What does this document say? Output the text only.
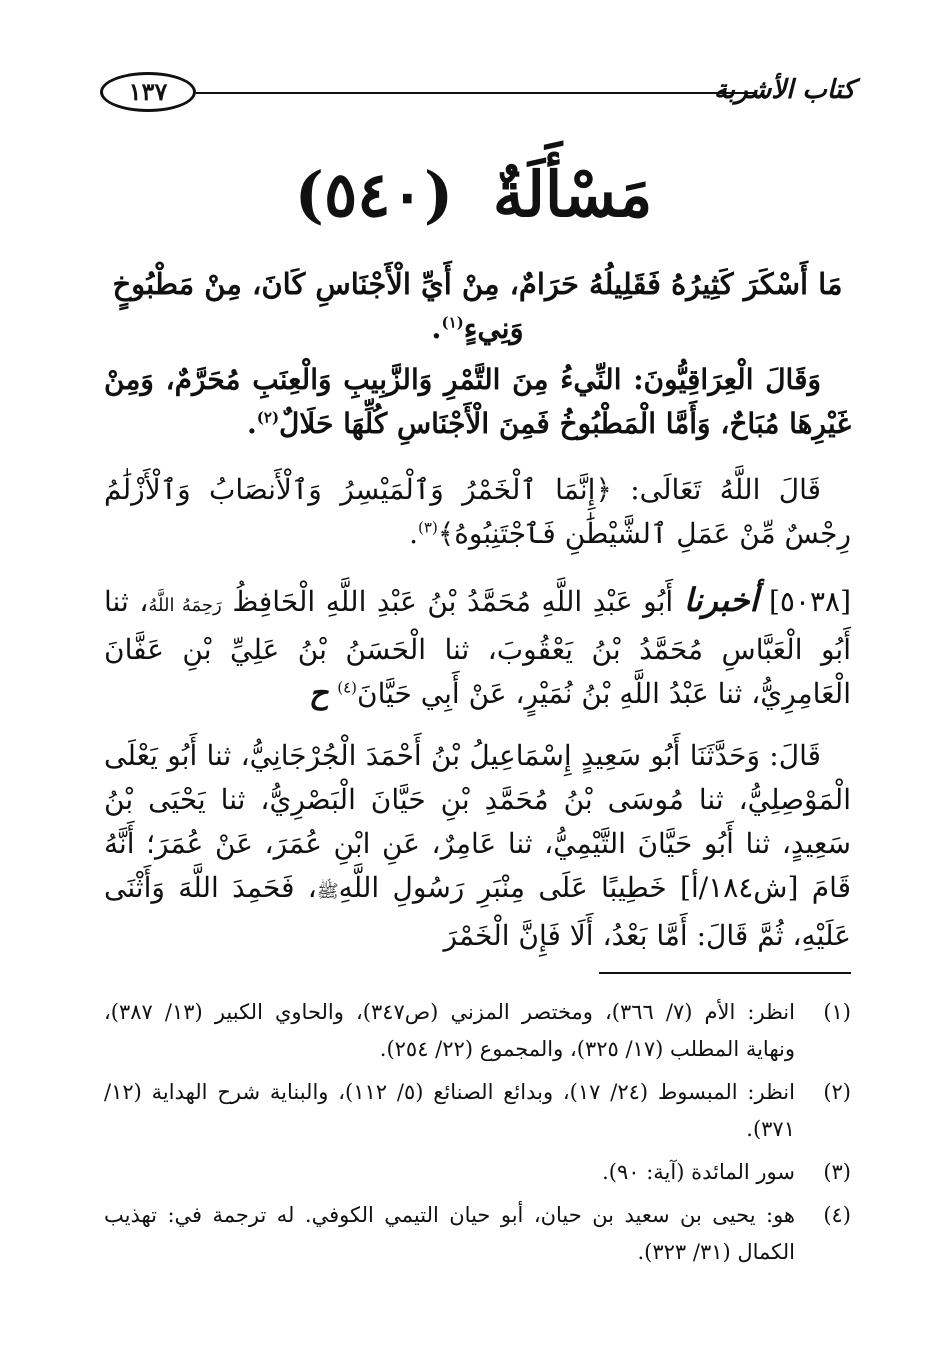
كتاب الأشربة
١٣٧
مَسْأَلَةٌ (٥٤٠)
مَا أَسْكَرَ كَثِيرُهُ فَقَلِيلُهُ حَرَامٌ، مِنْ أَيِّ الْأَجْنَاسِ كَانَ، مِنْ مَطْبُوخٍ وَنِيءٍ$^{(١)}$.
وَقَالَ الْعِرَاقِيُّونَ: النِّيءُ مِنَ التَّمْرِ وَالزَّبِيبِ وَالْعِنَبِ مُحَرَّمٌ، وَمِنْ غَيْرِهَا مُبَاحٌ، وَأَمَّا الْمَطْبُوخُ فَمِنَ الْأَجْنَاسِ كُلِّهَا حَلَالٌ$^{(٢)}$.
قَالَ اللَّهُ تَعَالَى: ﴿إِنَّمَا ٱلْخَمْرُ وَٱلْمَيْسِرُ وَٱلْأَنصَابُ وَٱلْأَزْلَٰمُ رِجْسٌ مِّنْ عَمَلِ ٱلشَّيْطَٰنِ فَٱجْتَنِبُوهُ﴾$^{(٣)}$.
[٥٠٣٨] أخبرنا أَبُو عَبْدِ اللَّهِ مُحَمَّدُ بْنُ عَبْدِ اللَّهِ الْحَافِظُ رَحِمَهُ اللَّهُ، ثنا أَبُو الْعَبَّاسِ مُحَمَّدُ بْنُ يَعْقُوبَ، ثنا الْحَسَنُ بْنُ عَلِيِّ بْنِ عَفَّانَ الْعَامِرِيُّ، ثنا عَبْدُ اللَّهِ بْنُ نُمَيْرٍ، عَنْ أَبِي حَيَّانَ$^{(٤)}$ ح
قَالَ: وَحَدَّثَنَا أَبُو سَعِيدٍ إِسْمَاعِيلُ بْنُ أَحْمَدَ الْجُرْجَانِيُّ، ثنا أَبُو يَعْلَى الْمَوْصِلِيُّ، ثنا مُوسَى بْنُ مُحَمَّدِ بْنِ حَيَّانَ الْبَصْرِيُّ، ثنا يَحْيَى بْنُ سَعِيدٍ، ثنا أَبُو حَيَّانَ التَّيْمِيُّ، ثنا عَامِرٌ، عَنِ ابْنِ عُمَرَ، عَنْ عُمَرَ؛ أَنَّهُ قَامَ [ش١٨٤/أ] خَطِيبًا عَلَى مِنْبَرِ رَسُولِ اللَّهِﷺ، فَحَمِدَ اللَّهَ وَأَثْنَى عَلَيْهِ، ثُمَّ قَالَ: أَمَّا بَعْدُ، أَلَا فَإِنَّ الْخَمْرَ
(١)
انظر: الأم (٧/ ٣٦٦)، ومختصر المزني (ص٣٤٧)، والحاوي الكبير (١٣/ ٣٨٧)، ونهاية المطلب (١٧/ ٣٢٥)، والمجموع (٢٢/ ٢٥٤).
(٢)
انظر: المبسوط (٢٤/ ١٧)، وبدائع الصنائع (٥/ ١١٢)، والبناية شرح الهداية (١٢/ ٣٧١).
(٣)
سور المائدة (آية: ٩٠).
(٤)
هو: يحيى بن سعيد بن حيان، أبو حيان التيمي الكوفي. له ترجمة في: تهذيب الكمال (٣١/ ٣٢٣).
